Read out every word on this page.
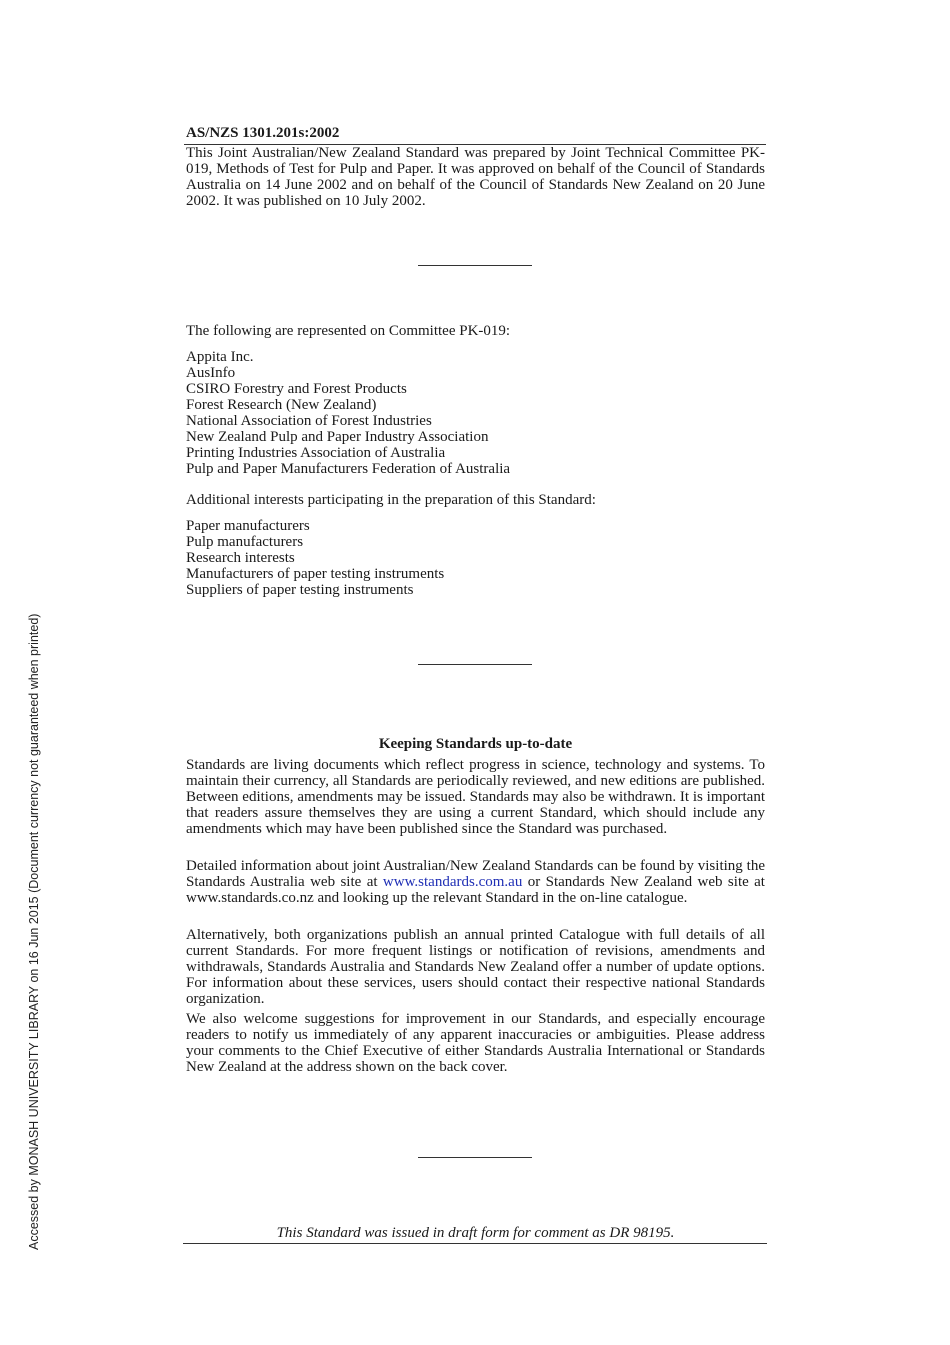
Accessed by MONASH UNIVERSITY LIBRARY on 16 Jun 2015 (Document currency not guaranteed when printed)
AS/NZS 1301.201s:2002

This Joint Australian/New Zealand Standard was prepared by Joint Technical Committee PK-019, Methods of Test for Pulp and Paper. It was approved on behalf of the Council of Standards Australia on 14 June 2002 and on behalf of the Council of Standards New Zealand on 20 June 2002. It was published on 10 July 2002.

The following are represented on Committee PK-019:

Appita Inc.
AusInfo
CSIRO Forestry and Forest Products
Forest Research (New Zealand)
National Association of Forest Industries
New Zealand Pulp and Paper Industry Association
Printing Industries Association of Australia
Pulp and Paper Manufacturers Federation of Australia

Additional interests participating in the preparation of this Standard:

Paper manufacturers
Pulp manufacturers
Research interests
Manufacturers of paper testing instruments
Suppliers of paper testing instruments
Keeping Standards up-to-date

Standards are living documents which reflect progress in science, technology and systems. To maintain their currency, all Standards are periodically reviewed, and new editions are published. Between editions, amendments may be issued. Standards may also be withdrawn. It is important that readers assure themselves they are using a current Standard, which should include any amendments which may have been published since the Standard was purchased.

Detailed information about joint Australian/New Zealand Standards can be found by visiting the Standards Australia web site at www.standards.com.au or Standards New Zealand web site at www.standards.co.nz and looking up the relevant Standard in the on-line catalogue.

Alternatively, both organizations publish an annual printed Catalogue with full details of all current Standards. For more frequent listings or notification of revisions, amendments and withdrawals, Standards Australia and Standards New Zealand offer a number of update options. For information about these services, users should contact their respective national Standards organization.

We also welcome suggestions for improvement in our Standards, and especially encourage readers to notify us immediately of any apparent inaccuracies or ambiguities. Please address your comments to the Chief Executive of either Standards Australia International or Standards New Zealand at the address shown on the back cover.

This Standard was issued in draft form for comment as DR 98195.
